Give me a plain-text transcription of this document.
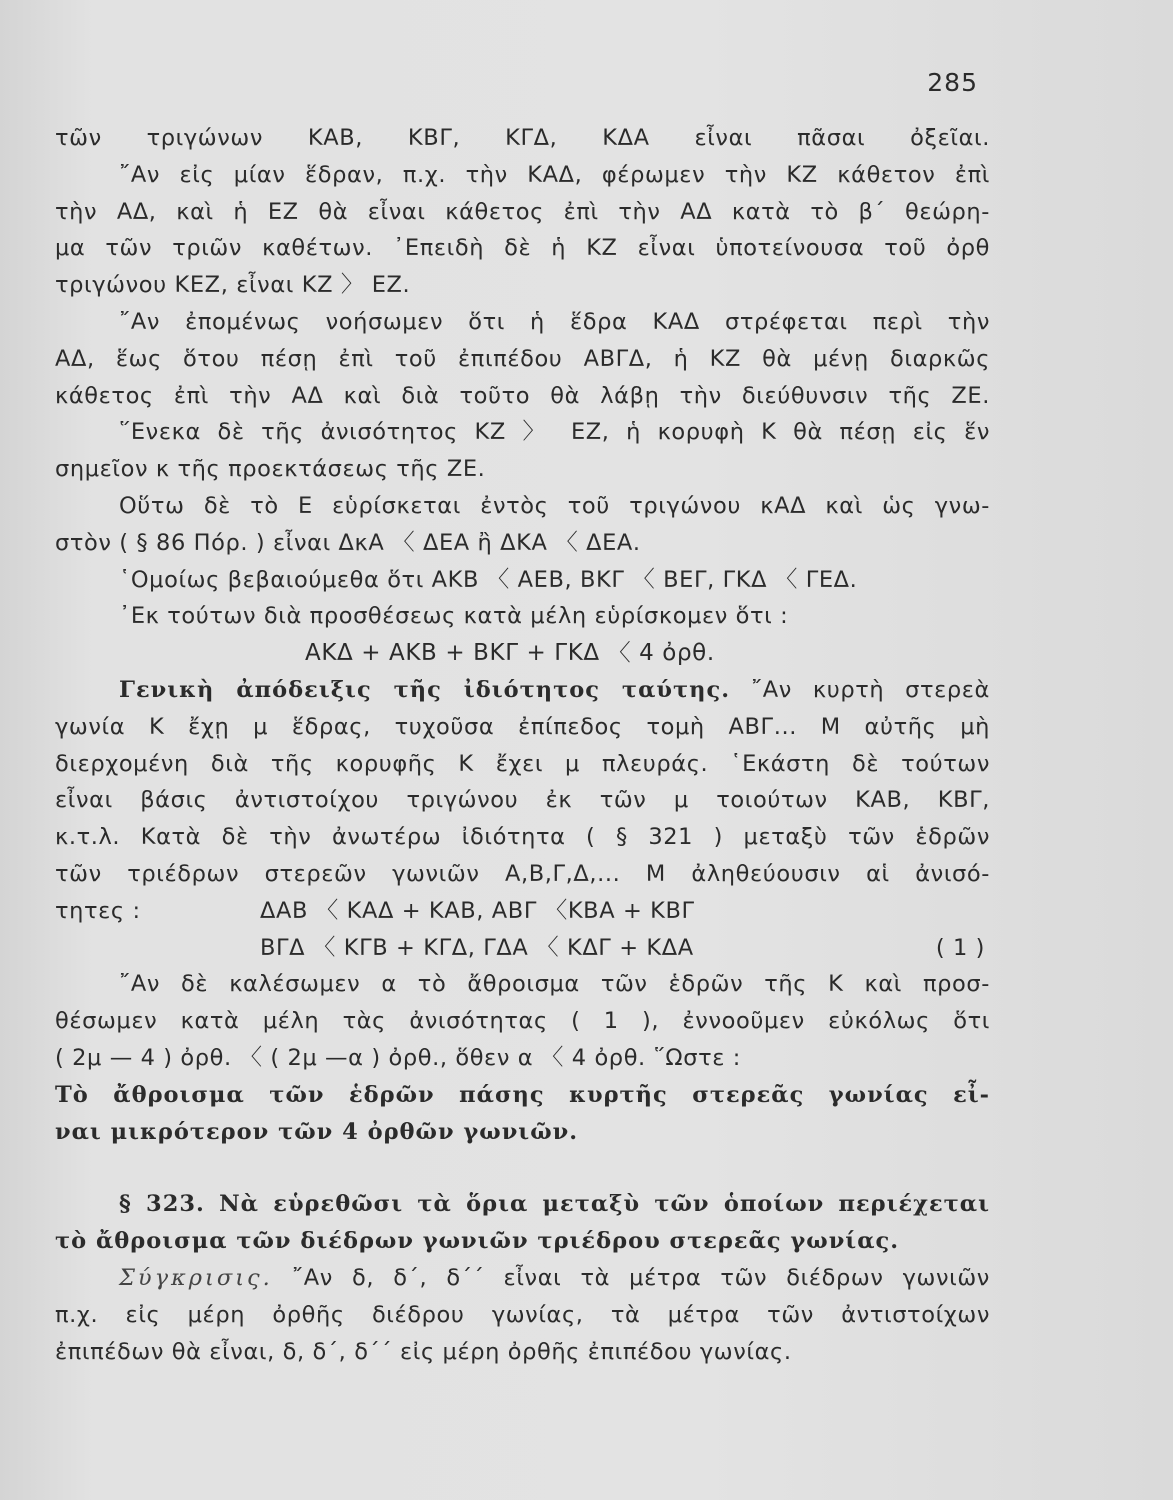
285
τῶν τριγώνων ΚΑΒ, ΚΒΓ, ΚΓΔ, ΚΔΑ εἶναι πᾶσαι ὀξεῖαι.
῎Αν εἰς μίαν ἕδραν, π.χ. τὴν ΚΑΔ, φέρωμεν τὴν ΚΖ κάθετον ἐπὶ
τὴν ΑΔ, καὶ ἡ ΕΖ θὰ εἶναι κάθετος ἐπὶ τὴν ΑΔ κατὰ τὸ β΄ θεώρη-
μα τῶν τριῶν καθέτων. ᾽Επειδὴ δὲ ἡ ΚΖ εἶναι ὑποτείνουσα τοῦ ὀρθ
τριγώνου ΚΕΖ, εἶναι ΚΖ 〉 ΕΖ.
῎Αν ἐπομένως νοήσωμεν ὅτι ἡ ἕδρα ΚΑΔ στρέφεται περὶ τὴν
ΑΔ, ἕως ὅτου πέσῃ ἐπὶ τοῦ ἐπιπέδου ΑΒΓΔ, ἡ ΚΖ θὰ μένῃ διαρκῶς
κάθετος ἐπὶ τὴν ΑΔ καὶ διὰ τοῦτο θὰ λάβῃ τὴν διεύθυνσιν τῆς ΖΕ.
῞Ενεκα δὲ τῆς ἀνισότητος ΚΖ 〉 ΕΖ, ἡ κορυφὴ Κ θὰ πέσῃ εἰς ἕν
σημεῖον κ τῆς προεκτάσεως τῆς ΖΕ.
Οὕτω δὲ τὸ Ε εὑρίσκεται ἐντὸς τοῦ τριγώνου κΑΔ καὶ ὡς γνω-
στὸν ( § 86 Πόρ. ) εἶναι ΔκΑ 〈 ΔΕΑ ἢ ΔΚΑ 〈 ΔΕΑ.
῾Ομοίως βεβαιούμεθα ὅτι ΑΚΒ 〈 ΑΕΒ, ΒΚΓ 〈 ΒΕΓ, ΓΚΔ 〈 ΓΕΔ.
᾽Εκ τούτων διὰ προσθέσεως κατὰ μέλη εὑρίσκομεν ὅτι :
ΑΚΔ + ΑΚΒ + ΒΚΓ + ΓΚΔ 〈 4 ὀρθ.
Γενικὴ ἀπόδειξις τῆς ἰδιότητος ταύτης. ῎Αν κυρτὴ στερεὰ
γωνία Κ ἔχῃ μ ἕδρας, τυχοῦσα ἐπίπεδος τομὴ ΑΒΓ... Μ αὐτῆς μὴ
διερχομένη διὰ τῆς κορυφῆς Κ ἔχει μ πλευράς. ῾Εκάστη δὲ τούτων
εἶναι βάσις ἀντιστοίχου τριγώνου ἐκ τῶν μ τοιούτων ΚΑΒ, ΚΒΓ,
κ.τ.λ. Κατὰ δὲ τὴν ἀνωτέρω ἰδιότητα ( § 321 ) μεταξὺ τῶν ἑδρῶν
τῶν τριέδρων στερεῶν γωνιῶν Α,Β,Γ,Δ,... Μ ἀληθεύουσιν αἱ ἀνισό-
τητες :	ΔΑΒ 〈 ΚΑΔ + ΚΑΒ, ΑΒΓ 〈ΚΒΑ + ΚΒΓ
ΒΓΔ 〈 ΚΓΒ + ΚΓΔ, ΓΔΑ 〈 ΚΔΓ + ΚΔΑ	( 1 )
῎Αν δὲ καλέσωμεν α τὸ ἄθροισμα τῶν ἑδρῶν τῆς Κ καὶ προσ-
θέσωμεν κατὰ μέλη τὰς ἀνισότητας ( 1 ), ἐννοοῦμεν εὐκόλως ὅτι
( 2μ — 4 ) ὀρθ. 〈 ( 2μ —α ) ὀρθ., ὅθεν α 〈 4 ὀρθ. ῞Ωστε :
Τὸ ἄθροισμα τῶν ἑδρῶν πάσης κυρτῆς στερεᾶς γωνίας εἶ-
ναι μικρότερον τῶν 4 ὀρθῶν γωνιῶν.
§ 323. Νὰ εὑρεθῶσι τὰ ὅρια μεταξὺ τῶν ὁποίων περιέχεται
τὸ ἄθροισμα τῶν διέδρων γωνιῶν τριέδρου στερεᾶς γωνίας.
Σύγκρισις. ῎Αν δ, δ΄, δ΄΄ εἶναι τὰ μέτρα τῶν διέδρων γωνιῶν
π.χ. εἰς μέρη ὀρθῆς διέδρου γωνίας, τὰ μέτρα τῶν ἀντιστοίχων
ἐπιπέδων θὰ εἶναι, δ, δ΄, δ΄΄ εἰς μέρη ὀρθῆς ἐπιπέδου γωνίας.
